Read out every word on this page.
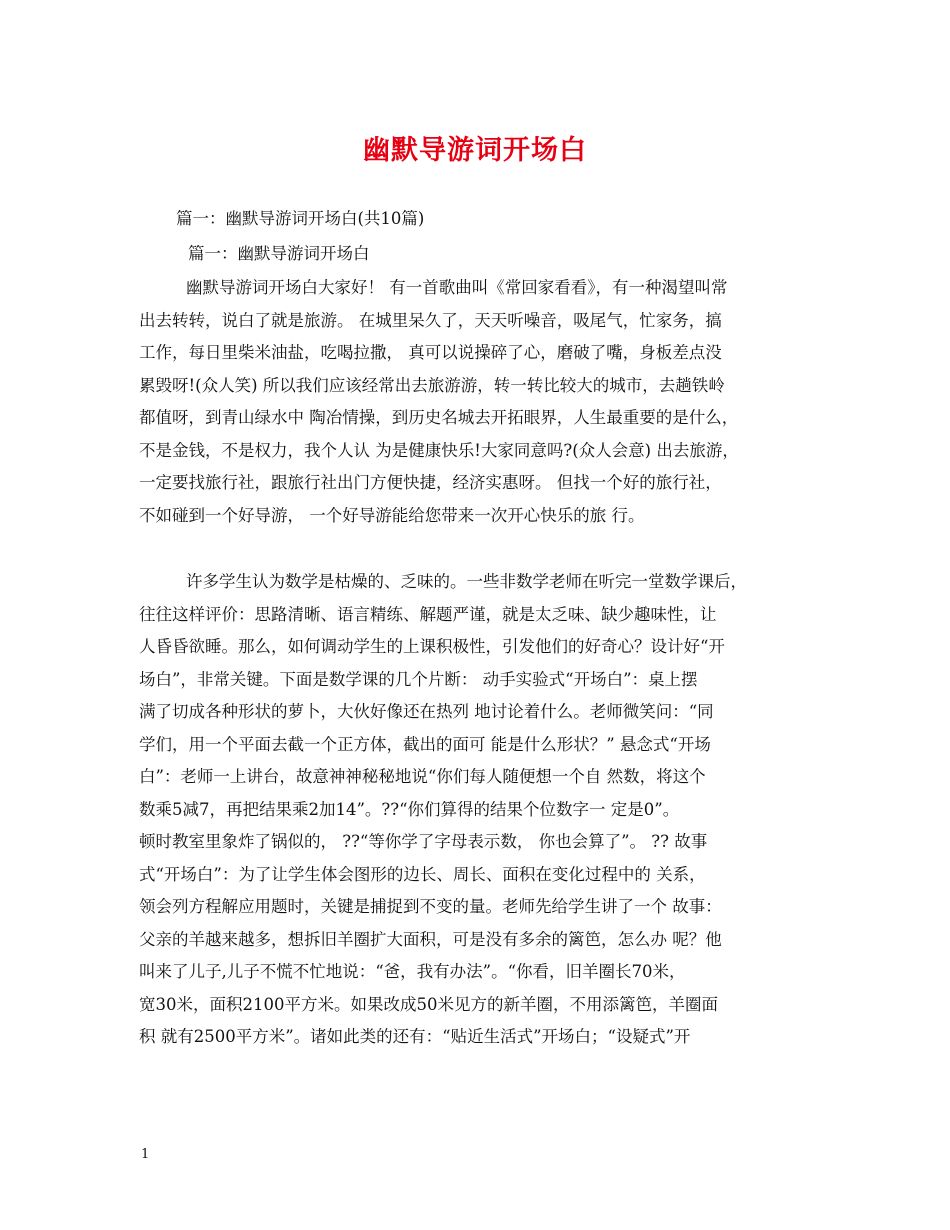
幽默导游词开场白
篇一：幽默导游词开场白(共10篇)
篇一：幽默导游词开场白
幽默导游词开场白大家好！ 有一首歌曲叫《常回家看看》，有一种渴望叫常
出去转转，说白了就是旅游。 在城里呆久了，天天听噪音，吸尾气，忙家务，搞
工作，每日里柴米油盐，吃喝拉撒， 真可以说操碎了心，磨破了嘴，身板差点没
累毁呀!(众人笑) 所以我们应该经常出去旅游游，转一转比较大的城市，去趟铁岭
都值呀，到青山绿水中 陶冶情操，到历史名城去开拓眼界，人生最重要的是什么，
不是金钱，不是权力，我个人认 为是健康快乐!大家同意吗?(众人会意) 出去旅游，
一定要找旅行社，跟旅行社出门方便快捷，经济实惠呀。 但找一个好的旅行社，
不如碰到一个好导游， 一个好导游能给您带来一次开心快乐的旅 行。
许多学生认为数学是枯燥的、乏味的。一些非数学老师在听完一堂数学课后，
往往这样评价：思路清晰、语言精练、解题严谨，就是太乏味、缺少趣味性，让
人昏昏欲睡。那么，如何调动学生的上课积极性，引发他们的好奇心？设计好“开
场白”，非常关键。下面是数学课的几个片断： 动手实验式“开场白”：桌上摆
满了切成各种形状的萝卜，大伙好像还在热列 地讨论着什么。老师微笑问：“同
学们，用一个平面去截一个正方体，截出的面可 能是什么形状？” 悬念式“开场
白”：老师一上讲台，故意神神秘秘地说“你们每人随便想一个自 然数，将这个
数乘5减7，再把结果乘2加14”。??“你们算得的结果个位数字一 定是0”。
顿时教室里象炸了锅似的， ??“等你学了字母表示数， 你也会算了”。 ?? 故事
式“开场白”：为了让学生体会图形的边长、周长、面积在变化过程中的 关系，
领会列方程解应用题时，关键是捕捉到不变的量。老师先给学生讲了一个 故事：
父亲的羊越来越多，想拆旧羊圈扩大面积，可是没有多余的篱笆，怎么办 呢？他
叫来了儿子,儿子不慌不忙地说：“爸，我有办法”。“你看，旧羊圈长70米，
宽30米，面积2100平方米。如果改成50米见方的新羊圈，不用添篱笆，羊圈面
积 就有2500平方米”。诸如此类的还有：“贴近生活式”开场白；“设疑式”开
1
